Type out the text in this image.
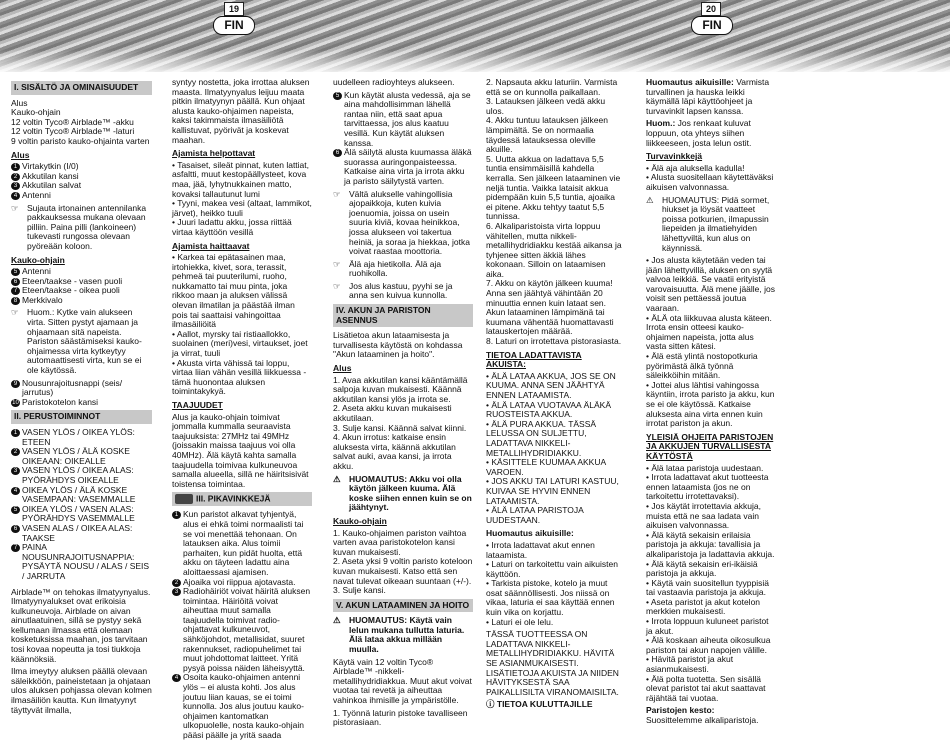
19	20
FIN	FIN
I. SISÄLTÖ JA OMINAISUUDET
Alus
Kauko-ohjain
12 voltin Tyco® Airblade™ -akku
12 voltin Tyco® Airblade™ -laturi
9 voltin paristo kauko-ohjainta varten
Alus
1 Virtakytkin (I/0)
2 Akkutilan kansi
3 Akkutilan salvat
4 Antenni
☞ Sujauta irtonainen antennilanka pakkauksessa mukana olevaan pilliin. Paina pilli (lankoineen) tukevasti rungossa olevaan pyöreään koloon.
Kauko-ohjain
5 Antenni
6 Eteen/taakse - vasen puoli
7 Eteen/taakse - oikea puoli
8 Merkkivalo
☞ Huom.: Kytke vain alukseen virta. Sitten pystyt ajamaan ja ohjaamaan sitä napeista. Pariston säästämiseksi kauko-ohjaimessa virta kytkeytyy automaattisesti virta, kun se ei ole käytössä.
9 Nousunrajoitusnappi (seis/ jarrutus)
10 Paristokotelon kansi
II. PERUSTOIMINNOT
1 VASEN YLÖS / OIKEA YLÖS: ETEEN
2 VASEN YLÖS / ÄLÄ KOSKE OIKEAAN: OIKEALLE
3 VASEN YLÖS / OIKEA ALAS: PYÖRÄHDYS OIKEALLE
4 OIKEA YLÖS / ÄLÄ KOSKE VASEMPAAN: VASEMMALLE
5 OIKEA YLÖS / VASEN ALAS: PYÖRÄHDYS VASEMMALLE
6 VASEN ALAS / OIKEA ALAS: TAAKSE
7 PAINA NOUSUNRAJOITUSNAPPIA: PYSÄYTÄ NOUSU / ALAS / SEIS / JARRUTA
Airblade™ on tehokas ilmatyynyalus. Ilmatyynyalukset ovat erikoisia kulkuneuvoja. Airblade on aivan ainutlaatuinen, sillä se pystyy sekä kellumaan ilmassa että olemaan kosketuksissa maahan, jos tarvitaan tosi kovaa nopeutta ja tosi tiukkoja käännöksiä.
Ilma imeytyy aluksen päällä olevaan säleikköön, paineistetaan ja ohjataan ulos aluksen pohjassa olevan kolmen ilmasäiliön kautta. Kun ilmatyynyt täyttyvät ilmalla,
syntyy nostetta, joka irrottaa aluksen maasta. Ilmatyynyalus leijuu maata pitkin ilmatyynyn päällä. Kun ohjaat alusta kauko-ohjaimen napeista, kaksi takimmaista ilmasäiliötä kallistuvat, pyörivät ja koskevat maahan.
Ajamista helpottavat
• Tasaiset, sileät pinnat, kuten lattiat, asfaltti, muut kestopäällysteet, kova maa, jää, lyhytnukkainen matto, kovaksi tallautunut lumi
• Tyyni, makea vesi (altaat, lammikot, järvet), heikko tuuli
• Juuri ladattu akku, jossa riittää virtaa käyttöön vesillä
Ajamista haittaavat
• Karkea tai epätasainen maa, irtohiekka, kivet, sora, terassit, pehmeä tai puuterilumi, ruoho, nukkamatto tai muu pinta, joka rikkoo maan ja aluksen välissä olevan ilmatilan ja päästää ilman pois tai saattaisi vahingoittaa ilmasäiliöitä
• Aallot, myrsky tai ristiaallokko, suolainen (meri)vesi, virtaukset, joet ja virrat, tuuli
• Akusta virta vähissä tai loppu, virtaa liian vähän vesillä liikkuessa - tämä huonontaa aluksen toimintakykyä.
TAAJUUDET
Alus ja kauko-ohjain toimivat jommalla kummalla seuraavista taajuuksista: 27MHz tai 49MHz (joissakin maissa taajuus voi olla 40MHz). Älä käytä kahta samalla taajuudella toimivaa kulkuneuvoa samalla alueella, sillä ne häiritsisivät toistensa toimintaa.
III. PIKAVINKKEJÄ
1 Kun paristot alkavat tyhjentyä, alus ei ehkä toimi normaalisti tai se voi menettää tehonaan. On latauksen aika. Alus toimii parhaiten, kun pidät huolta, että akku on täyteen ladattu aina aloittaessasi ajamisen.
2 Ajoaika voi riippua ajotavasta.
3 Radiohäiriöt voivat häiritä aluksen toimintaa. Häiriöitä voivat aiheuttaa muut samalla taajuudella toimivat radio-ohjattavat kulkuneuvot, sähköjohdot, metallisidat, suuret rakennukset, radiopuhelimet tai muut johdottomat laitteet. Yritä pysyä poissa näiden läheisyyttä.
4 Osoita kauko-ohjaimen antenni ylös – ei alusta kohti. Jos alus joutuu liian kauas, se ei toimi kunnolla. Jos alus joutuu kauko-ohjaimen kantomatkan ulkopuolelle, nosta kauko-ohjain pääsi päälle ja yritä saada
uudelleen radioyhteys alukseen.
5 Kun käytät alusta vedessä, aja se aina mahdollisimman lähellä rantaa niin, että saat apua tarvittaessa, jos alus kaatuu vesillä. Kun käytät aluksen kanssa.
6 Älä säilytä alusta kuumassa äläkä suorassa auringonpaisteessa. Katkaise aina virta ja irrota akku ja paristo säilytystä varten.
☞ Vältä alukselle vahingollisia ajopaikkoja, kuten kuivia joenuomia, joissa on usein suuria kiviä, kovaa heinikkoa, jossa alukseen voi takertua heiniä, ja soraa ja hiekkaa, jotka voivat raastaa moottoria.
☞ Älä aja hietikolla. Älä aja ruohikolla.
☞ Jos alus kastuu, pyyhi se ja anna sen kuivua kunnolla.
IV. AKUN JA PARISTON ASENNUS
Lisätietoa akun lataamisesta ja turvallisesta käytöstä on kohdassa "Akun lataaminen ja hoito".
Alus
1. Avaa akkutilan kansi kääntämällä salpoja kuvan mukaisesti. Käännä akkutilan kansi ylös ja irrota se.
2. Aseta akku kuvan mukaisesti akkutilaan.
3. Sulje kansi. Käännä salvat kiinni.
4. Akun irrotus: katkaise ensin aluksesta virta, käännä akkutilan salvat auki, avaa kansi, ja irrota akku.
⚠ HUOMAUTUS: Akku voi olla käytön jälkeen kuuma. Älä koske siihen ennen kuin se on jäähtynyt.
Kauko-ohjain
1. Kauko-ohjaimen pariston vaihtoa varten avaa paristokotelon kansi kuvan mukaisesti.
2. Aseta yksi 9 voltin paristo koteloon kuvan mukaisesti. Katso että sen navat tulevat oikeaan suuntaan (+/-).
3. Sulje kansi.
V. AKUN LATAAMINEN JA HOITO
⚠ HUOMAUTUS: Käytä vain lelun mukana tullutta laturia. Älä lataa akkua millään muulla.
Käytä vain 12 voltin Tyco® Airblade™ -nikkeli-metallihydridiakkua. Muut akut voivat vuotaa tai revetä ja aiheuttaa vahinkoa ihmisille ja ympäristölle.
1. Työnnä laturin pistoke tavalliseen pistorasiaan.
2. Napsauta akku laturiin. Varmista että se on kunnolla paikallaan.
3. Latauksen jälkeen vedä akku ulos.
4. Akku tuntuu latauksen jälkeen lämpimältä. Se on normaalia täydessä latauksessa oleville akuille.
5. Uutta akkua on ladattava 5,5 tuntia ensimmäisillä kahdella kerralla. Sen jälkeen lataaminen vie neljä tuntia. Vaikka lataisit akkua pidempään kuin 5,5 tuntia, ajoaika ei pitene. Akku tehtyy taatut 5,5 tunnissa.
6. Alkaliparistoista virta loppuu vähitellen, mutta nikkeli-metallihydridiakku kestää aikansa ja tyhjenee sitten äkkiä lähes kokonaan. Silloin on lataamisen aika.
7. Akku on käytön jälkeen kuuma! Anna sen jäähtyä vähintään 20 minuuttia ennen kuin lataat sen. Akun lataaminen lämpimänä tai kuumana vähentää huomattavasti latauskertojen määrää.
8. Laturi on irrotettava pistorasiasta.
TIETOA LADATTAVISTA AKUISTA:
• ÄLÄ LATAA AKKUA, JOS SE ON KUUMA. ANNA SEN JÄÄHTYÄ ENNEN LATAAMISTA.
• ÄLÄ LATAA VUOTAVAA ÄLÄKÄ RUOSTEISTA AKKUA.
• ÄLÄ PURA AKKUA. TÄSSÄ LELUSSA ON SULJETTU, LADATTAVA NIKKELI-METALLIHYDRIDIAKKU.
• KÄSITTELE KUUMAA AKKUA VAROEN.
• JOS AKKU TAI LATURI KASTUU, KUIVAA SE HYVIN ENNEN LATAAMISTA.
• ÄLÄ LATAA PARISTOJA UUDESTAAN.
Huomautus aikuisille:
• Irrota ladattavat akut ennen lataamista.
• Laturi on tarkoitettu vain aikuisten käyttöön.
• Tarkista pistoke, kotelo ja muut osat säännöllisesti. Jos niissä on vikaa, laturia ei saa käyttää ennen kuin vika on korjattu.
• Laturi ei ole lelu.
TÄSSÄ TUOTTEESSA ON LADATTAVA NIKKELI-METALLIHYDRIDIAKKU. HÄVITÄ SE ASIANMUKAISESTI. LISÄTIETOJA AKUISTA JA NIIDEN HÄVITYKSESTÄ SAA PAIKALLISILTA VIRANOMAISILTA.
ⓘ TIETOA KULUTTAJILLE
Huomautus aikuisille: Varmista turvallinen ja hauska leikki käymällä läpi käyttöohjeet ja turvavinkit lapsen kanssa.
Huom.: Jos renkaat kuluvat loppuun, ota yhteys siihen liikkeeseen, josta lelun ostit.
Turvavinkkejä
• Älä aja aluksella kadulla!
• Alusta suositellaan käytettäväksi aikuisen valvonnassa.
⚠ HUOMAUTUS: Pidä sormet, hiukset ja löysät vaatteet poissa potkurien, ilmapussin liepeiden ja ilmatiehyiden lähettyviltä, kun alus on käynnissä.
• Jos alusta käytetään veden tai jään lähettyvillä, aluksen on syytä valvoa leikkiä. Se vaatii erityistä varovaisuutta. Älä mene jäälle, jos voisit sen pettäessä joutua vaaraan.
• ÄLÄ ota liikkuvaa alusta käteen. Irrota ensin otteesi kauko-ohjaimen napeista, jotta alus vasta sitten kätesi.
• Älä estä ylintä nostopotkuria pyörimästä älkä työnnä säleikköihin mitään.
• Jottei alus lähtisi vahingossa käyntiin, irrota paristo ja akku, kun se ei ole käytössä. Katkaise aluksesta aina virta ennen kuin irrotat pariston ja akun.
YLEISIÄ OHJEITA PARISTOJEN JA AKKUJEN TURVALLISESTA KÄYTÖSTÄ
• Älä lataa paristoja uudestaan.
• Irrota ladattavat akut tuotteesta ennen lataamista (jos ne on tarkoitettu irrotettavaksi).
• Jos käytät irrotettavia akkuja, muista että ne saa ladata vain aikuisen valvonnassa.
• Älä käytä sekaisin erilaisia paristoja ja akkuja: tavallisia ja alkaliparistoja ja ladattavia akkuja.
• Älä käytä sekaisin eri-ikäisiä paristoja ja akkuja.
• Käytä vain suositellun tyyppisiä tai vastaavia paristoja ja akkuja.
• Aseta paristot ja akut kotelon merkkien mukaisesti.
• Irrota loppuun kuluneet paristot ja akut.
• Älä koskaan aiheuta oikosulkua pariston tai akun napojen välille.
• Hävitä paristot ja akut asianmukaisesti.
• Älä polta tuotetta. Sen sisällä olevat paristot tai akut saattavat räjähtää tai vuotaa.
Paristojen kesto:
Suosittelemme alkaliparistoja.
